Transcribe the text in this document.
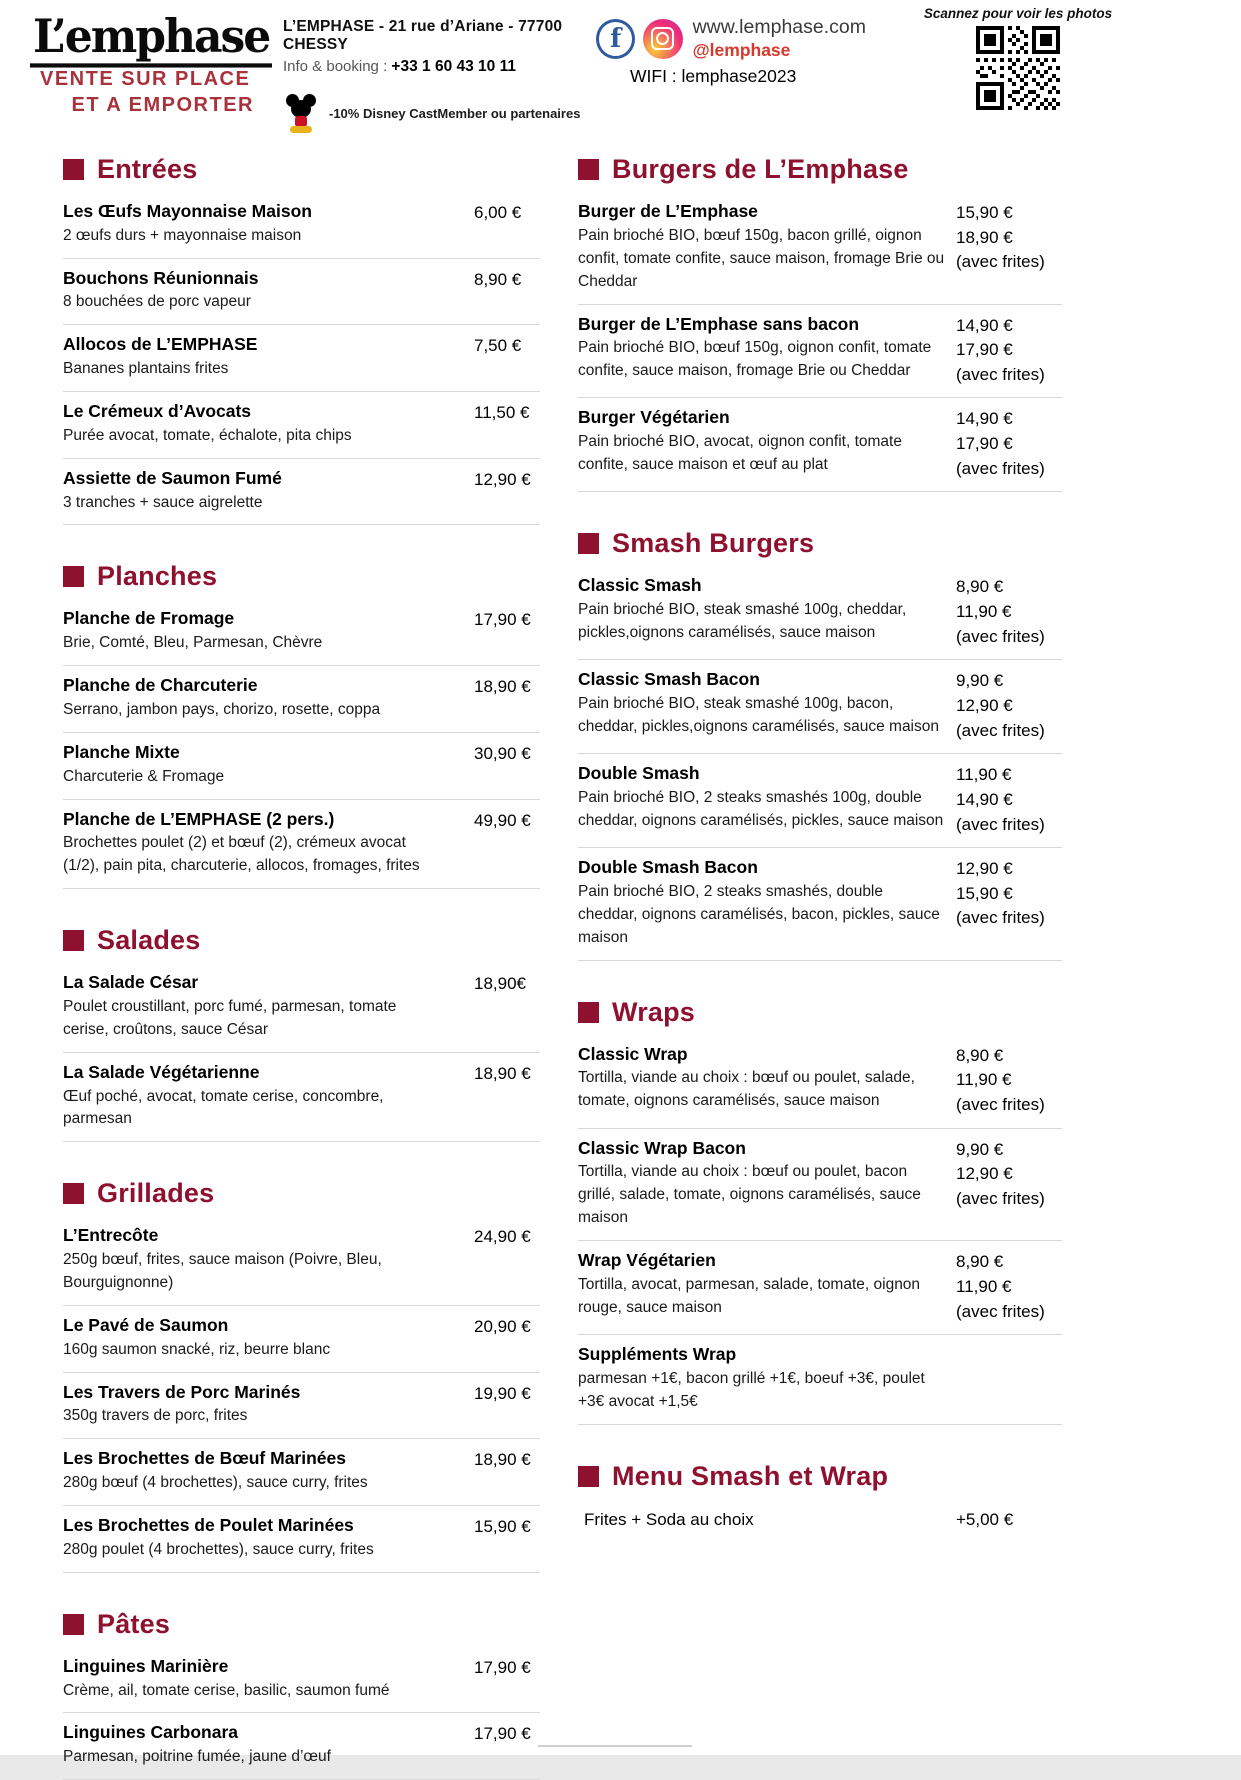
L’emphase
VENTE SUR PLACE
ET A EMPORTER
L’EMPHASE - 21 rue d’Ariane - 77700 CHESSY
Info & booking : +33 1 60 43 10 11
-10% Disney CastMember ou partenaires
f	www.lemphase.com
@lemphase
WIFI : lemphase2023
Scannez pour voir les photos
Entrées
Les Œufs Mayonnaise Maison
2 œufs durs + mayonnaise maison
6,00 €
Bouchons Réunionnais
8 bouchées de porc vapeur
8,90 €
Allocos de L’EMPHASE
Bananes plantains frites
7,50 €
Le Crémeux d’Avocats
Purée avocat, tomate, échalote, pita chips
11,50 €
Assiette de Saumon Fumé
3 tranches + sauce aigrelette
12,90 €
Planches
Planche de Fromage
Brie, Comté, Bleu, Parmesan, Chèvre
17,90 €
Planche de Charcuterie
Serrano, jambon pays, chorizo, rosette, coppa
18,90 €
Planche Mixte
Charcuterie & Fromage
30,90 €
Planche de L’EMPHASE (2 pers.)
Brochettes poulet (2) et bœuf (2), crémeux avocat (1/2), pain pita, charcuterie, allocos, fromages, frites
49,90 €
Salades
La Salade César
Poulet croustillant, porc fumé, parmesan, tomate cerise, croûtons, sauce César
18,90€
La Salade Végétarienne
Œuf poché, avocat, tomate cerise, concombre, parmesan
18,90 €
Grillades
L’Entrecôte
250g bœuf, frites, sauce maison (Poivre, Bleu, Bourguignonne)
24,90 €
Le Pavé de Saumon
160g saumon snacké, riz, beurre blanc
20,90 €
Les Travers de Porc Marinés
350g travers de porc, frites
19,90 €
Les Brochettes de Bœuf Marinées
280g bœuf (4 brochettes), sauce curry, frites
18,90 €
Les Brochettes de Poulet Marinées
280g poulet (4 brochettes), sauce curry, frites
15,90 €
Pâtes
Linguines Marinière
Crème, ail, tomate cerise, basilic, saumon fumé
17,90 €
Linguines Carbonara
Parmesan, poitrine fumée, jaune d’œuf
17,90 €
Burgers de L’Emphase
Burger de L’Emphase
Pain brioché BIO, bœuf 150g, bacon grillé, oignon confit, tomate confite, sauce maison, fromage Brie ou Cheddar
15,90 €
18,90 €
(avec frites)
Burger de L’Emphase sans bacon
Pain brioché BIO, bœuf 150g, oignon confit, tomate confite, sauce maison, fromage Brie ou Cheddar
14,90 €
17,90 €
(avec frites)
Burger Végétarien
Pain brioché BIO, avocat, oignon confit, tomate confite, sauce maison et œuf au plat
14,90 €
17,90 €
(avec frites)
Smash Burgers
Classic Smash
Pain brioché BIO, steak smashé 100g, cheddar, pickles,oignons caramélisés, sauce maison
8,90 €
11,90 €
(avec frites)
Classic Smash Bacon
Pain brioché BIO, steak smashé 100g, bacon, cheddar, pickles,oignons caramélisés, sauce maison
9,90 €
12,90 €
(avec frites)
Double Smash
Pain brioché BIO, 2 steaks smashés 100g, double cheddar, oignons caramélisés, pickles, sauce maison
11,90 €
14,90 €
(avec frites)
Double Smash Bacon
Pain brioché BIO, 2 steaks smashés, double cheddar, oignons caramélisés, bacon, pickles, sauce maison
12,90 €
15,90 €
(avec frites)
Wraps
Classic Wrap
Tortilla, viande au choix : bœuf ou poulet, salade, tomate, oignons caramélisés, sauce maison
8,90 €
11,90 €
(avec frites)
Classic Wrap Bacon
Tortilla, viande au choix : bœuf ou poulet, bacon grillé, salade, tomate, oignons caramélisés, sauce maison
9,90 €
12,90 €
(avec frites)
Wrap Végétarien
Tortilla, avocat, parmesan, salade, tomate, oignon rouge, sauce maison
8,90 €
11,90 €
(avec frites)
Suppléments Wrap
parmesan +1€, bacon grillé +1€, boeuf +3€, poulet +3€ avocat +1,5€
Menu Smash et Wrap
Frites + Soda au choix	+5,00 €
